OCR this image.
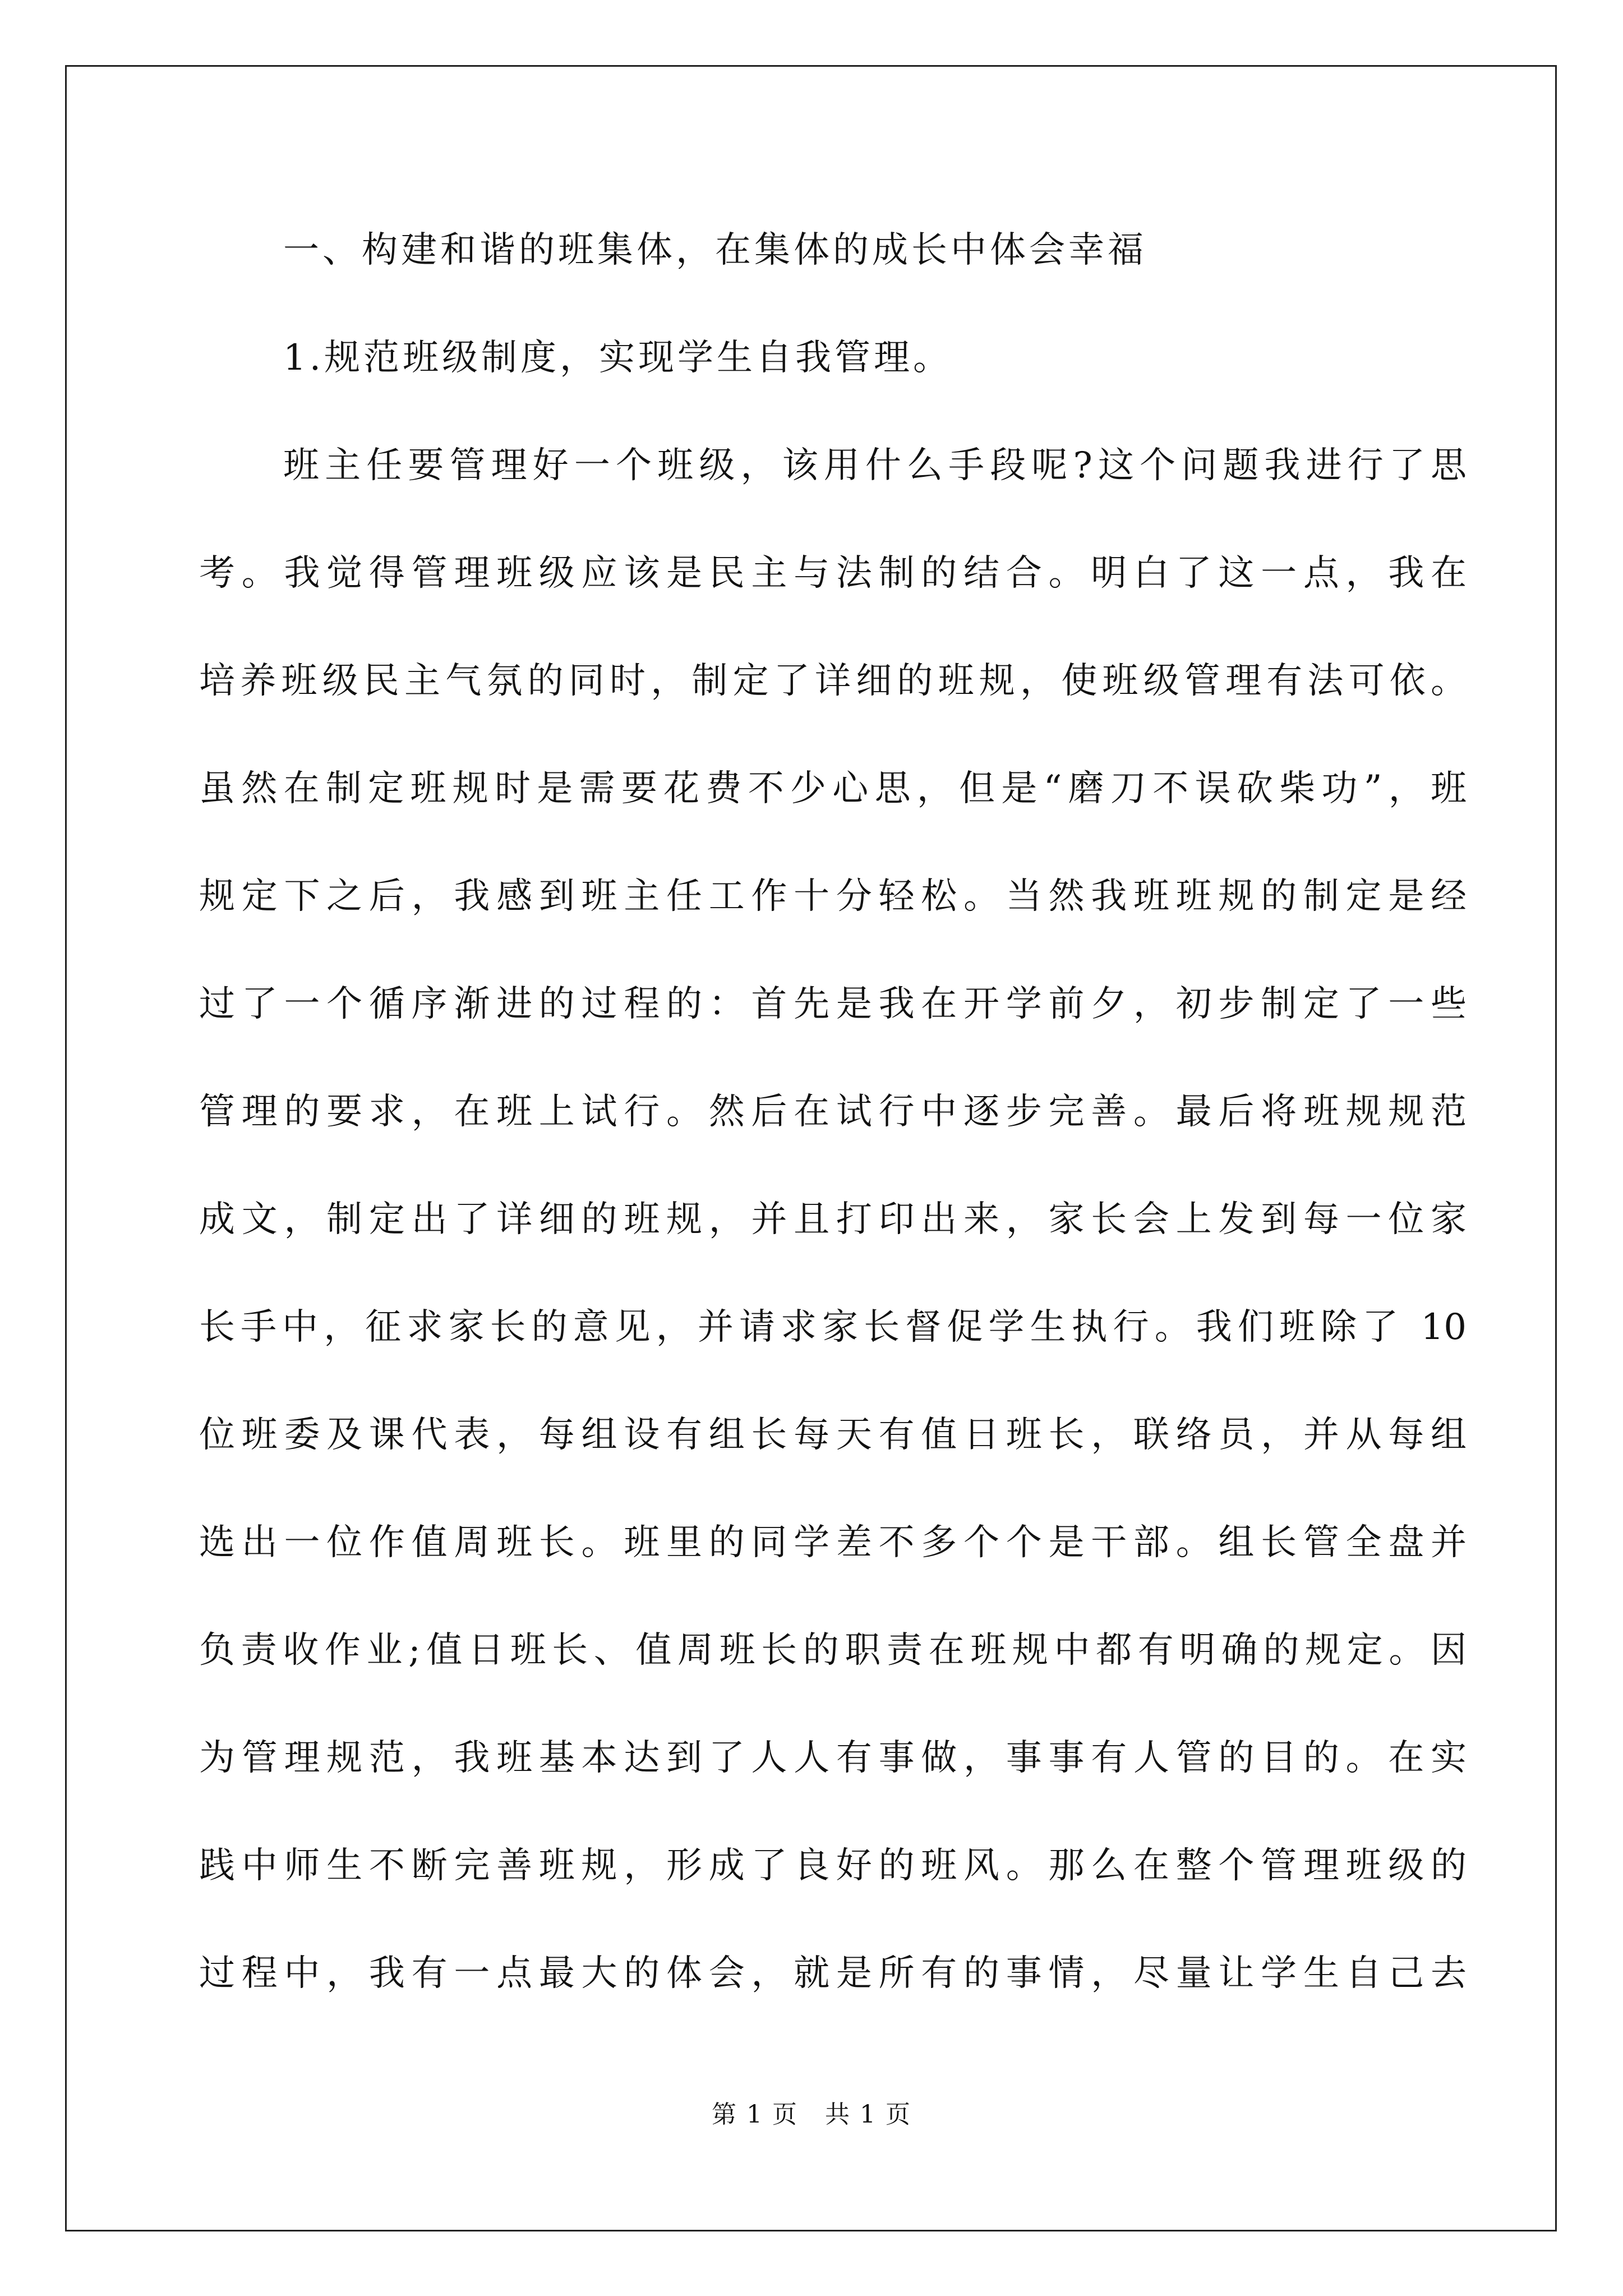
一、构建和谐的班集体，在集体的成长中体会幸福
1.规范班级制度，实现学生自我管理。
班主任要管理好一个班级，该用什么手段呢?这个问题我进行了思
考。我觉得管理班级应该是民主与法制的结合。明白了这一点，我在
培养班级民主气氛的同时，制定了详细的班规，使班级管理有法可依。
虽然在制定班规时是需要花费不少心思，但是“磨刀不误砍柴功”，班
规定下之后，我感到班主任工作十分轻松。当然我班班规的制定是经
过了一个循序渐进的过程的：首先是我在开学前夕，初步制定了一些
管理的要求，在班上试行。然后在试行中逐步完善。最后将班规规范
成文，制定出了详细的班规，并且打印出来，家长会上发到每一位家
长手中，征求家长的意见，并请求家长督促学生执行。我们班除了 10
位班委及课代表，每组设有组长每天有值日班长，联络员，并从每组
选出一位作值周班长。班里的同学差不多个个是干部。组长管全盘并
负责收作业;值日班长、值周班长的职责在班规中都有明确的规定。因
为管理规范，我班基本达到了人人有事做，事事有人管的目的。在实
践中师生不断完善班规，形成了良好的班风。那么在整个管理班级的
过程中，我有一点最大的体会，就是所有的事情，尽量让学生自己去
第 1 页   共 1 页
